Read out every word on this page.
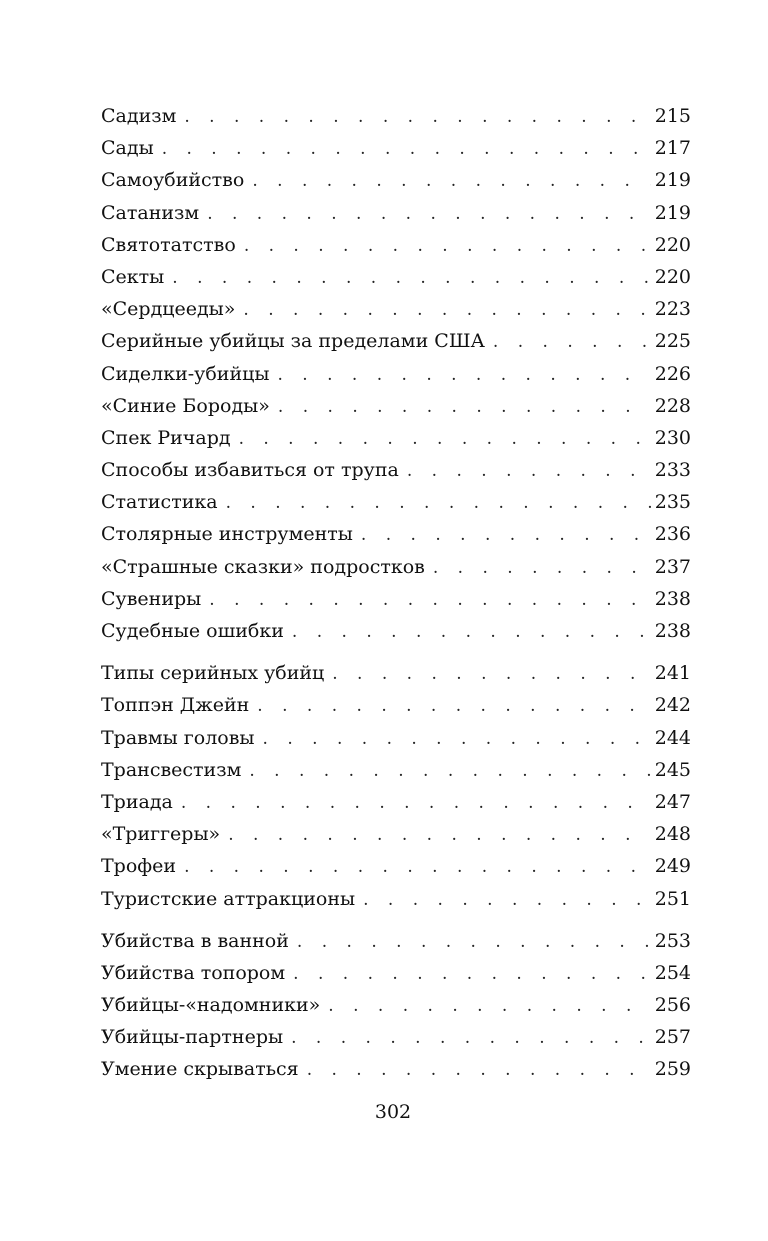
Садизм . . .	215
Сады . . .	217
Самоубийство . . .	219
Сатанизм . . .	219
Святотатство . . .	220
Секты . . .	220
«Сердцееды» . . .	223
Серийные убийцы за пределами США . . .	225
Сиделки-убийцы . . .	226
«Синие Бороды» . . .	228
Спек Ричард . . .	230
Способы избавиться от трупа . . .	233
Статистика . . .	235
Столярные инструменты . . .	236
«Страшные сказки» подростков . . .	237
Сувениры . . .	238
Судебные ошибки . . .	238
Типы серийных убийц . . .	241
Топпэн Джейн . . .	242
Травмы головы . . .	244
Трансвестизм . . .	245
Триада . . .	247
«Триггеры» . . .	248
Трофеи . . .	249
Туристские аттракционы . . .	251
Убийства в ванной . . .	253
Убийства топором . . .	254
Убийцы-«надомники» . . .	256
Убийцы-партнеры . . .	257
Умение скрываться . . .	259
302
